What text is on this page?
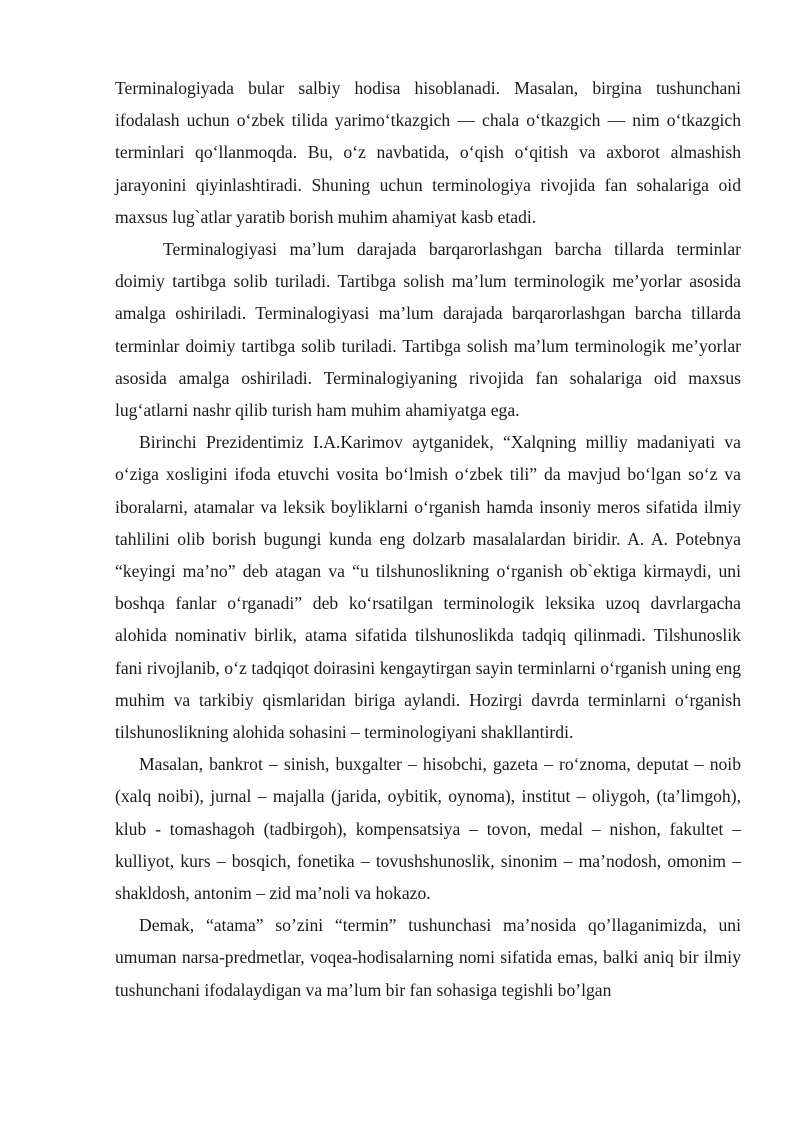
Terminalogiyada bular salbiy hodisa hisoblanadi. Masalan, birgina tushunchani ifodalash uchun o‘zbek tilida yarimo‘tkazgich — chala o‘tkazgich — nim o‘tkazgich terminlari qo‘llanmoqda. Bu, o‘z navbatida, o‘qish o‘qitish va axborot almashish jarayonini qiyinlashtiradi. Shuning uchun terminologiya rivojida fan sohalariga oid maxsus lug`atlar yaratib borish muhim ahamiyat kasb etadi.

Terminalogiyasi ma’lum darajada barqarorlashgan barcha tillarda terminlar doimiy tartibga solib turiladi. Tartibga solish ma’lum terminologik me’yorlar asosida amalga oshiriladi. Terminalogiyasi ma’lum darajada barqarorlashgan barcha tillarda terminlar doimiy tartibga solib turiladi. Tartibga solish ma’lum terminologik me’yorlar asosida amalga oshiriladi. Terminalogiyaning rivojida fan sohalariga oid maxsus lug‘atlarni nashr qilib turish ham muhim ahamiyatga ega.

Birinchi Prezidentimiz I.A.Karimov aytganidek, “Xalqning milliy madaniyati va o‘ziga xosligini ifoda etuvchi vosita bo‘lmish o‘zbek tili” da mavjud bo‘lgan so‘z va iboralarni, atamalar va leksik boyliklarni o‘rganish hamda insoniy meros sifatida ilmiy tahlilini olib borish bugungi kunda eng dolzarb masalalardan biridir. A. A. Potebnya “keyingi ma’no” deb atagan va “u tilshunoslikning o‘rganish ob`ektiga kirmaydi, uni boshqa fanlar o‘rganadi” deb ko‘rsatilgan terminologik leksika uzoq davrlargacha alohida nominativ birlik, atama sifatida tilshunoslikda tadqiq qilinmadi. Tilshunoslik fani rivojlanib, o‘z tadqiqot doirasini kengaytirgan sayin terminlarni o‘rganish uning eng muhim va tarkibiy qismlaridan biriga aylandi. Hozirgi davrda terminlarni o‘rganish tilshunoslikning alohida sohasini – terminologiyani shakllantirdi.

Masalan, bankrot – sinish, buxgalter – hisobchi, gazeta – ro‘znoma, deputat – noib (xalq noibi), jurnal – majalla (jarida, oybitik, oynoma), institut – oliygoh, (ta’limgoh), klub - tomashagoh (tadbirgoh), kompensatsiya – tovon, medal – nishon, fakultet – kulliyot, kurs – bosqich, fonetika – tovushshunoslik, sinonim – ma’nodosh, omonim – shakldosh, antonim – zid ma’noli va hokazo.

Demak, “atama” so’zini “termin” tushunchasi ma’nosida qo’llaganimizda, uni umuman narsa-predmetlar, voqea-hodisalarning nomi sifatida emas, balki aniq bir ilmiy tushunchani ifodalaydigan va ma’lum bir fan sohasiga tegishli bo’lgan
